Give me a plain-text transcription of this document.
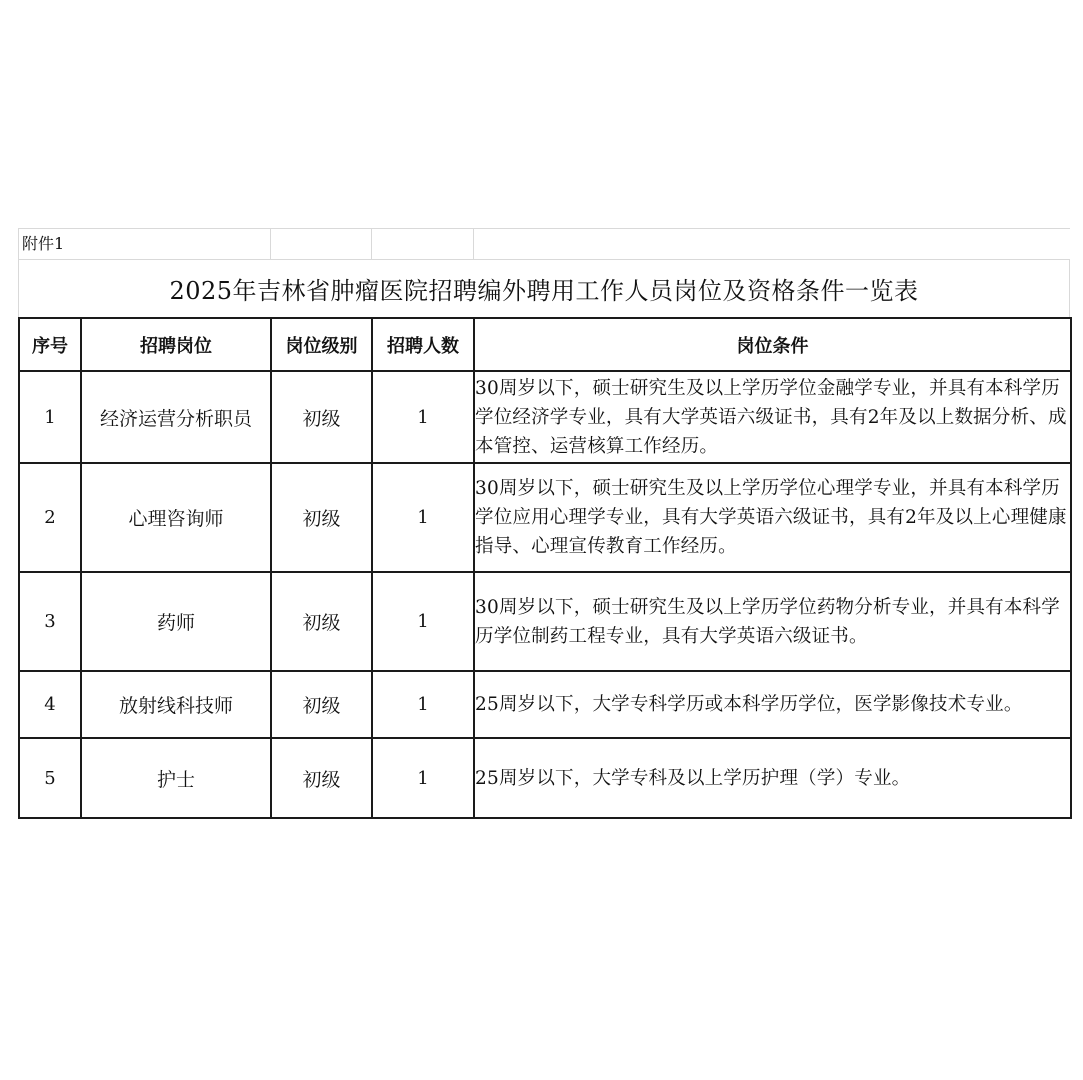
附件1
2025年吉林省肿瘤医院招聘编外聘用工作人员岗位及资格条件一览表
序号	招聘岗位	岗位级别	招聘人数	岗位条件
1	经济运营分析职员	初级	1	30周岁以下，硕士研究生及以上学历学位金融学专业，并具有本科学历学位经济学专业，具有大学英语六级证书，具有2年及以上数据分析、成本管控、运营核算工作经历。
2	心理咨询师	初级	1	30周岁以下，硕士研究生及以上学历学位心理学专业，并具有本科学历学位应用心理学专业，具有大学英语六级证书，具有2年及以上心理健康指导、心理宣传教育工作经历。
3	药师	初级	1	30周岁以下，硕士研究生及以上学历学位药物分析专业，并具有本科学历学位制药工程专业，具有大学英语六级证书。
4	放射线科技师	初级	1	25周岁以下，大学专科学历或本科学历学位，医学影像技术专业。
5	护士	初级	1	25周岁以下，大学专科及以上学历护理（学）专业。
